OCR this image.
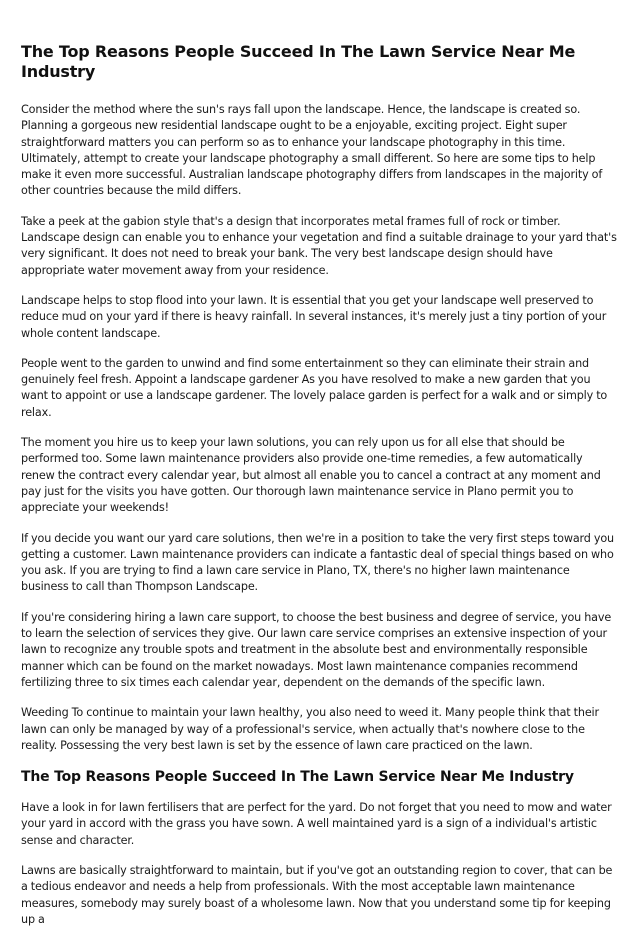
The Top Reasons People Succeed In The Lawn Service Near Me Industry

Consider the method where the sun's rays fall upon the landscape. Hence, the landscape is created so. Planning a gorgeous new residential landscape ought to be a enjoyable, exciting project. Eight super straightforward matters you can perform so as to enhance your landscape photography in this time. Ultimately, attempt to create your landscape photography a small different. So here are some tips to help make it even more successful. Australian landscape photography differs from landscapes in the majority of other countries because the mild differs.

Take a peek at the gabion style that's a design that incorporates metal frames full of rock or timber. Landscape design can enable you to enhance your vegetation and find a suitable drainage to your yard that's very significant. It does not need to break your bank. The very best landscape design should have appropriate water movement away from your residence.

Landscape helps to stop flood into your lawn. It is essential that you get your landscape well preserved to reduce mud on your yard if there is heavy rainfall. In several instances, it's merely just a tiny portion of your whole content landscape.

People went to the garden to unwind and find some entertainment so they can eliminate their strain and genuinely feel fresh. Appoint a landscape gardener As you have resolved to make a new garden that you want to appoint or use a landscape gardener. The lovely palace garden is perfect for a walk and or simply to relax.

The moment you hire us to keep your lawn solutions, you can rely upon us for all else that should be performed too. Some lawn maintenance providers also provide one-time remedies, a few automatically renew the contract every calendar year, but almost all enable you to cancel a contract at any moment and pay just for the visits you have gotten. Our thorough lawn maintenance service in Plano permit you to appreciate your weekends!

If you decide you want our yard care solutions, then we're in a position to take the very first steps toward you getting a customer. Lawn maintenance providers can indicate a fantastic deal of special things based on who you ask. If you are trying to find a lawn care service in Plano, TX, there's no higher lawn maintenance business to call than Thompson Landscape.

If you're considering hiring a lawn care support, to choose the best business and degree of service, you have to learn the selection of services they give. Our lawn care service comprises an extensive inspection of your lawn to recognize any trouble spots and treatment in the absolute best and environmentally responsible manner which can be found on the market nowadays. Most lawn maintenance companies recommend fertilizing three to six times each calendar year, dependent on the demands of the specific lawn.

Weeding To continue to maintain your lawn healthy, you also need to weed it. Many people think that their lawn can only be managed by way of a professional's service, when actually that's nowhere close to the reality. Possessing the very best lawn is set by the essence of lawn care practiced on the lawn.

The Top Reasons People Succeed In The Lawn Service Near Me Industry

Have a look in for lawn fertilisers that are perfect for the yard. Do not forget that you need to mow and water your yard in accord with the grass you have sown. A well maintained yard is a sign of a individual's artistic sense and character.

Lawns are basically straightforward to maintain, but if you've got an outstanding region to cover, that can be a tedious endeavor and needs a help from professionals. With the most acceptable lawn maintenance measures, somebody may surely boast of a wholesome lawn. Now that you understand some tip for keeping up a
